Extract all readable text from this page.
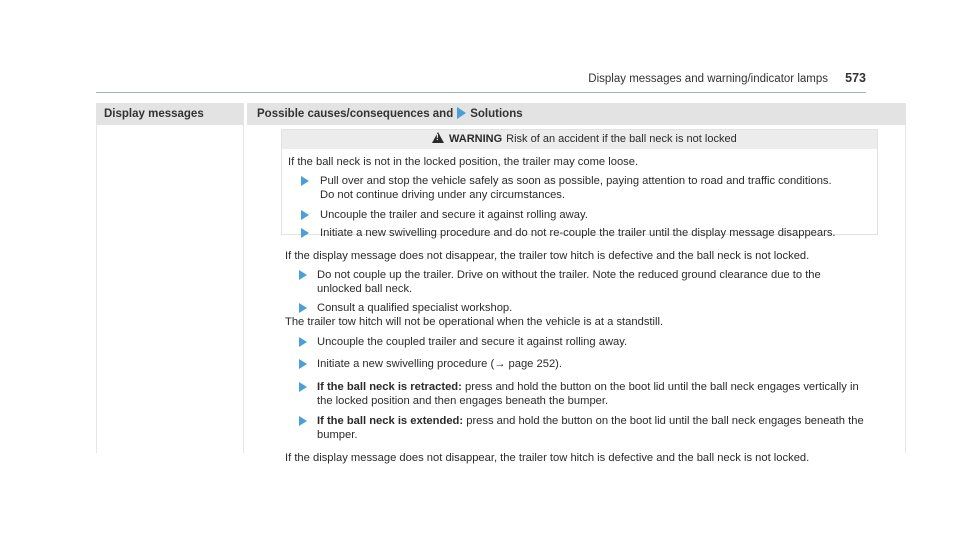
Display messages and warning/indicator lamps 573
Display messages	Possible causes/consequences and Solutions
!WARNING Risk of an accident if the ball neck is not locked
If the ball neck is not in the locked position, the trailer may come loose.
Pull over and stop the vehicle safely as soon as possible, paying attention to road and traffic conditions.
Do not continue driving under any circumstances.
Uncouple the trailer and secure it against rolling away.
Initiate a new swivelling procedure and do not re-couple the trailer until the display message disappears.
If the display message does not disappear, the trailer tow hitch is defective and the ball neck is not locked.
Do not couple up the trailer. Drive on without the trailer. Note the reduced ground clearance due to the
unlocked ball neck.
Consult a qualified specialist workshop.
The trailer tow hitch will not be operational when the vehicle is at a standstill.
Uncouple the coupled trailer and secure it against rolling away.
Initiate a new swivelling procedure (→ page 252).
If the ball neck is retracted: press and hold the button on the boot lid until the ball neck engages vertically in
the locked position and then engages beneath the bumper.
If the ball neck is extended: press and hold the button on the boot lid until the ball neck engages beneath the
bumper.
If the display message does not disappear, the trailer tow hitch is defective and the ball neck is not locked.
